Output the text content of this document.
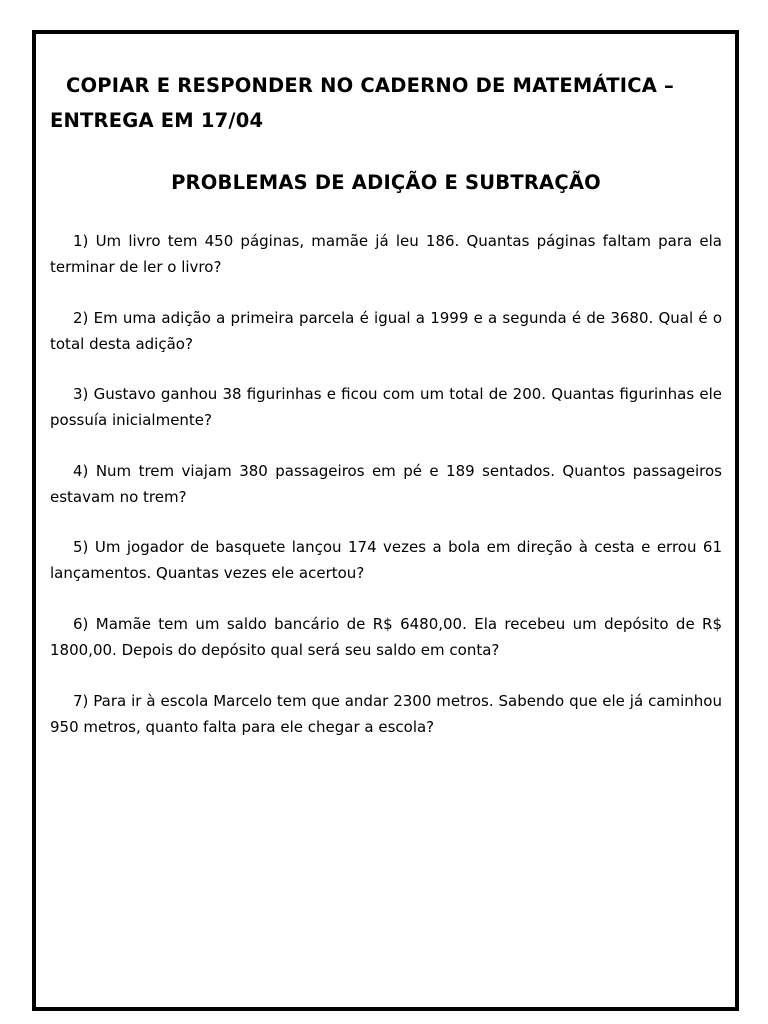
COPIAR E RESPONDER NO CADERNO DE MATEMÁTICA – ENTREGA EM 17/04
PROBLEMAS DE ADIÇÃO E SUBTRAÇÃO
1) Um livro tem 450 páginas, mamãe já leu 186. Quantas páginas faltam para ela terminar de ler o livro?
2) Em uma adição a primeira parcela é igual a 1999 e a segunda é de 3680. Qual é o total desta adição?
3) Gustavo ganhou 38 figurinhas e ficou com um total de 200. Quantas figurinhas ele possuía inicialmente?
4) Num trem viajam 380 passageiros em pé e 189 sentados. Quantos passageiros estavam no trem?
5) Um jogador de basquete lançou 174 vezes a bola em direção à cesta e errou 61 lançamentos. Quantas vezes ele acertou?
6) Mamãe tem um saldo bancário de R$ 6480,00. Ela recebeu um depósito de R$ 1800,00. Depois do depósito qual será seu saldo em conta?
7) Para ir à escola Marcelo tem que andar 2300 metros. Sabendo que ele já caminhou 950 metros, quanto falta para ele chegar a escola?
